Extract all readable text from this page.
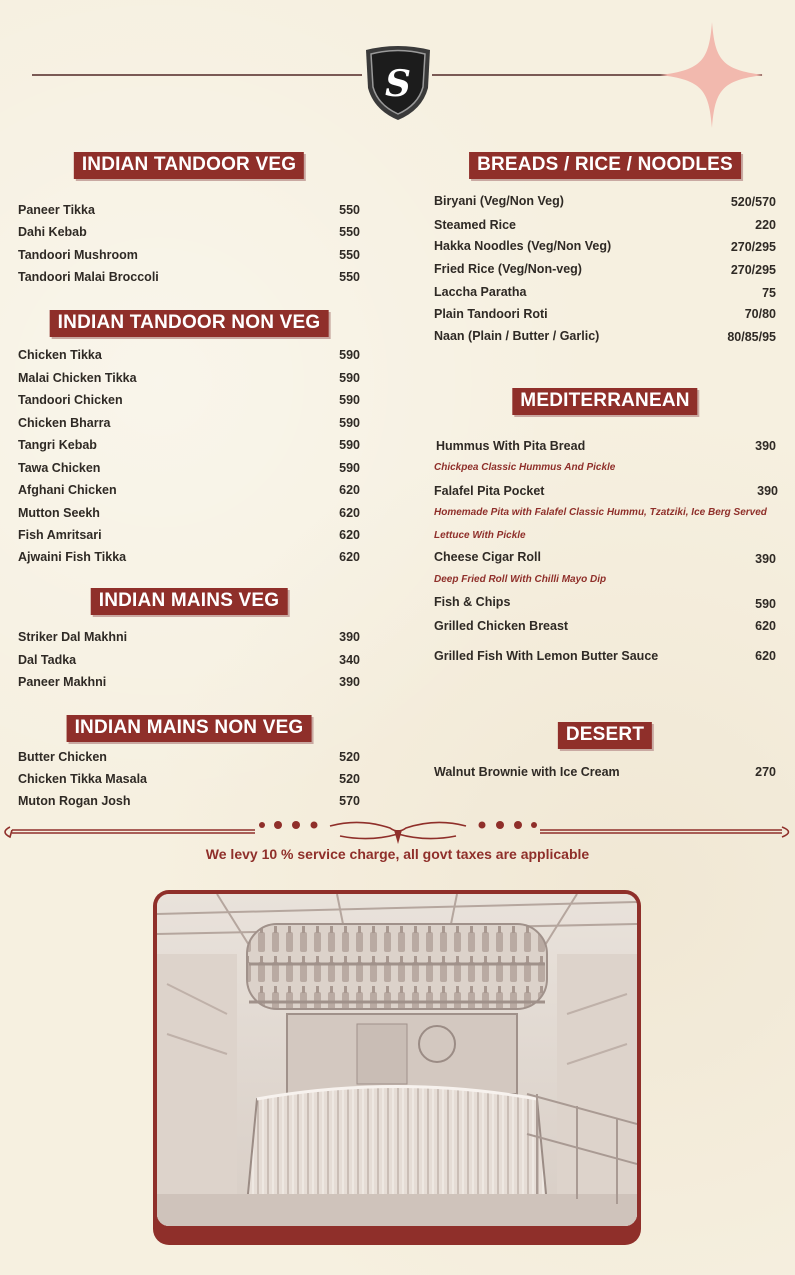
S
INDIAN TANDOOR VEG
Paneer Tikka	550
Dahi Kebab	550
Tandoori Mushroom	550
Tandoori Malai Broccoli	550
INDIAN TANDOOR NON VEG
Chicken Tikka	590
Malai Chicken Tikka	590
Tandoori Chicken	590
Chicken Bharra	590
Tangri Kebab	590
Tawa Chicken	590
Afghani Chicken	620
Mutton Seekh	620
Fish Amritsari	620
Ajwaini Fish Tikka	620
INDIAN MAINS VEG
Striker Dal Makhni	390
Dal Tadka	340
Paneer Makhni	390
INDIAN MAINS NON VEG
Butter Chicken	520
Chicken Tikka Masala	520
Muton Rogan Josh	570
BREADS / RICE / NOODLES
Biryani (Veg/Non Veg)	520/570
Steamed Rice	220
Hakka Noodles (Veg/Non Veg)	270/295
Fried Rice (Veg/Non-veg)	270/295
Laccha Paratha	75
Plain Tandoori Roti	70/80
Naan (Plain / Butter / Garlic)	80/85/95
MEDITERRANEAN
Hummus With Pita Bread	390
Chickpea Classic Hummus And Pickle
Falafel Pita Pocket	390
Homemade Pita with Falafel Classic Hummu, Tzatziki, Ice Berg Served
Lettuce With Pickle
Cheese Cigar Roll	390
Deep Fried Roll With Chilli Mayo Dip
Fish & Chips	590
Grilled Chicken Breast	620
Grilled Fish With Lemon Butter Sauce	620
DESERT
Walnut Brownie with Ice Cream	270
We levy 10 % service charge, all govt taxes are applicable
